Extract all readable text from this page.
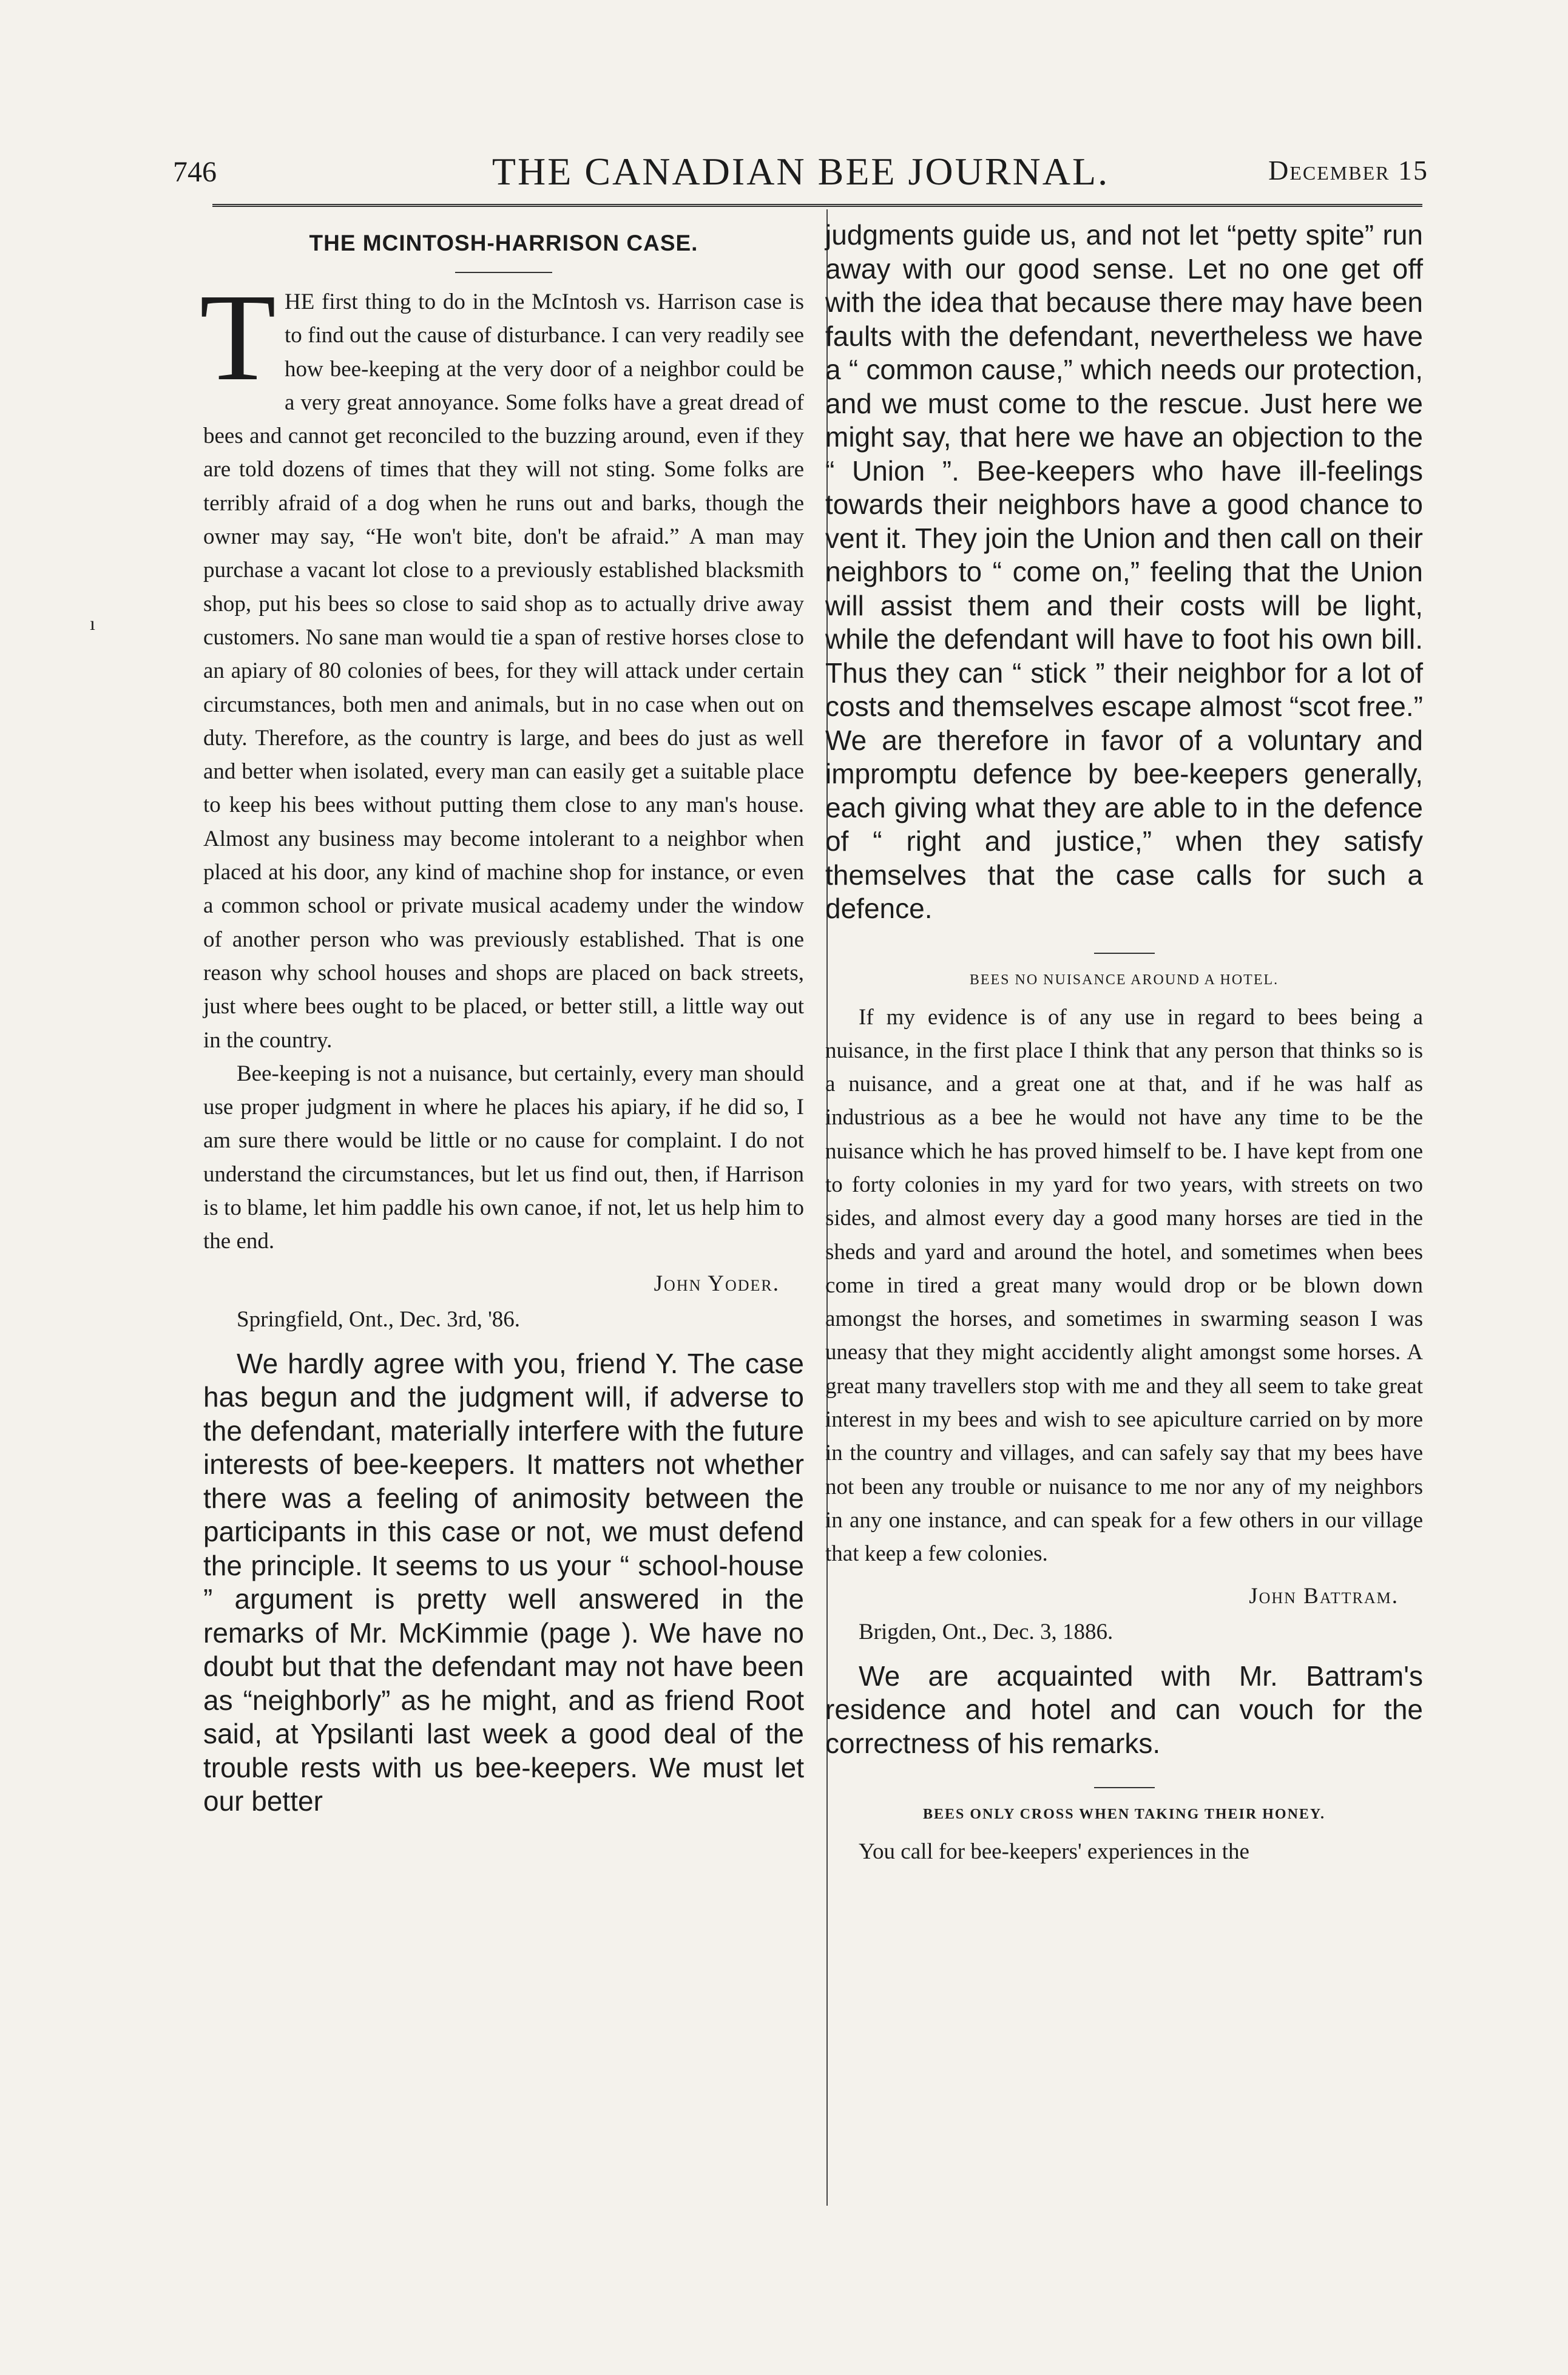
746	THE CANADIAN BEE JOURNAL.	December 15
ı
THE MCINTOSH-HARRISON CASE.
T HE first thing to do in the McIntosh vs. Harrison case is to find out the cause of disturbance. I can very readily see how bee-keeping at the very door of a neighbor could be a very great annoyance. Some folks have a great dread of bees and cannot get reconciled to the buzzing around, even if they are told dozens of times that they will not sting. Some folks are terribly afraid of a dog when he runs out and barks, though the owner may say, “He won't bite, don't be afraid.” A man may purchase a vacant lot close to a previously established blacksmith shop, put his bees so close to said shop as to actually drive away customers. No sane man would tie a span of restive horses close to an apiary of 80 colonies of bees, for they will attack under certain circumstances, both men and animals, but in no case when out on duty. Therefore, as the country is large, and bees do just as well and better when isolated, every man can easily get a suitable place to keep his bees without putting them close to any man's house. Almost any business may become intolerant to a neighbor when placed at his door, any kind of machine shop for instance, or even a common school or private musical academy under the window of another person who was previously established. That is one reason why school houses and shops are placed on back streets, just where bees ought to be placed, or better still, a little way out in the country.

Bee-keeping is not a nuisance, but certainly, every man should use proper judgment in where he places his apiary, if he did so, I am sure there would be little or no cause for complaint. I do not understand the circumstances, but let us find out, then, if Harrison is to blame, let him paddle his own canoe, if not, let us help him to the end.

John Yoder.
Springfield, Ont., Dec. 3rd, '86.

We hardly agree with you, friend Y. The case has begun and the judgment will, if adverse to the defendant, materially interfere with the future interests of bee-keepers. It matters not whether there was a feeling of animosity between the participants in this case or not, we must defend the principle. It seems to us your “ school-house ” argument is pretty well answered in the remarks of Mr. McKimmie (page ). We have no doubt but that the defendant may not have been as “neighborly” as he might, and as friend Root said, at Ypsilanti last week a good deal of the trouble rests with us bee-keepers. We must let our better

judgments guide us, and not let “petty spite” run away with our good sense. Let no one get off with the idea that because there may have been faults with the defendant, nevertheless we have a “ common cause,” which needs our protection, and we must come to the rescue. Just here we might say, that here we have an objection to the “ Union ”. Bee-keepers who have ill-feelings towards their neighbors have a good chance to vent it. They join the Union and then call on their neighbors to “ come on,” feeling that the Union will assist them and their costs will be light, while the defendant will have to foot his own bill. Thus they can “ stick ” their neighbor for a lot of costs and themselves escape almost “scot free.” We are therefore in favor of a voluntary and impromptu defence by bee-keepers generally, each giving what they are able to in the defence of “ right and justice,” when they satisfy themselves that the case calls for such a defence.

BEES NO NUISANCE AROUND A HOTEL.

If my evidence is of any use in regard to bees being a nuisance, in the first place I think that any person that thinks so is a nuisance, and a great one at that, and if he was half as industrious as a bee he would not have any time to be the nuisance which he has proved himself to be. I have kept from one to forty colonies in my yard for two years, with streets on two sides, and almost every day a good many horses are tied in the sheds and yard and around the hotel, and sometimes when bees come in tired a great many would drop or be blown down amongst the horses, and sometimes in swarming season I was uneasy that they might accidently alight amongst some horses. A great many travellers stop with me and they all seem to take great interest in my bees and wish to see apiculture carried on by more in the country and villages, and can safely say that my bees have not been any trouble or nuisance to me nor any of my neighbors in any one instance, and can speak for a few others in our village that keep a few colonies.

John Battram.
Brigden, Ont., Dec. 3, 1886.

We are acquainted with Mr. Battram's residence and hotel and can vouch for the correctness of his remarks.

BEES ONLY CROSS WHEN TAKING THEIR HONEY.

You call for bee-keepers' experiences in the
